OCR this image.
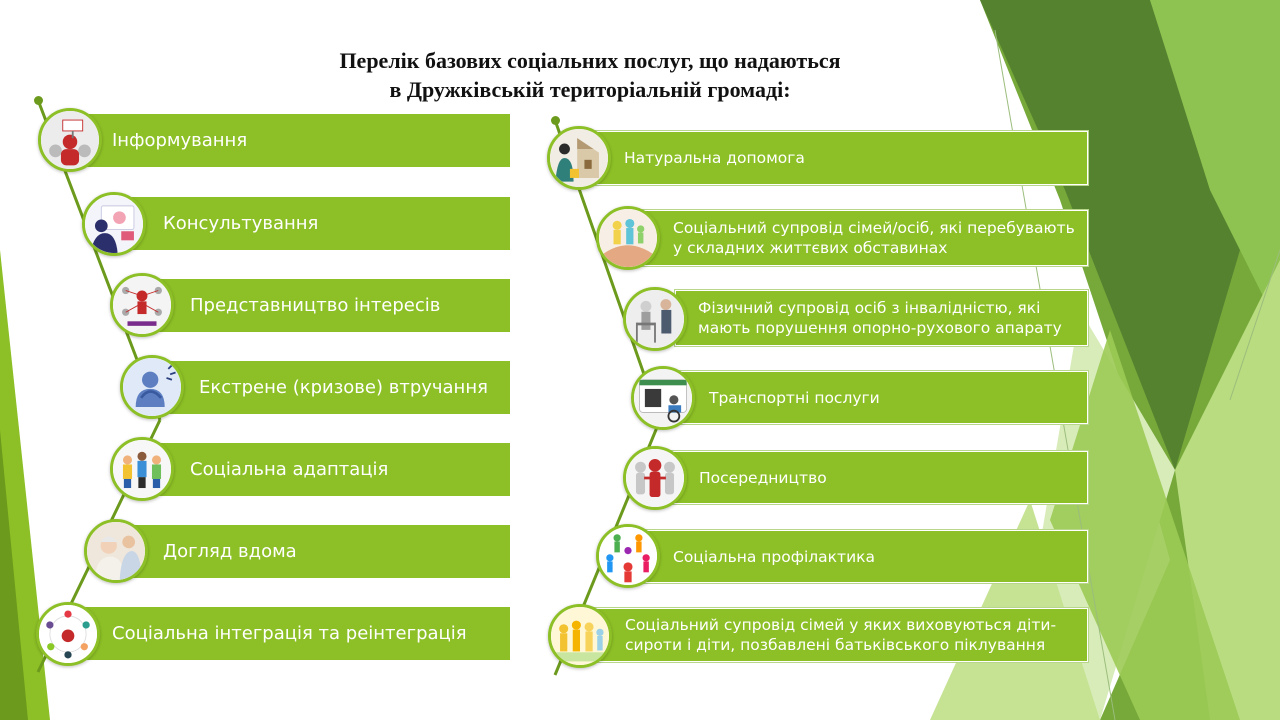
Перелік базових соціальних послуг, що надаються
в Дружківській територіальній громаді:
Інформування
Консультування
Представництво інтересів
Екстрене (кризове) втручання
Соціальна адаптація
Догляд вдома
Соціальна інтеграція та реінтеграція
Натуральна допомога
Соціальний супровід сімей/осіб, які перебувають у складних життєвих обставинах
Фізичний супровід осіб з інвалідністю, які мають порушення опорно-рухового апарату
Транспортні послуги
Посередництво
Соціальна профілактика
Соціальний супровід сімей у яких виховуються діти-сироти і діти, позбавлені батьківського піклування
